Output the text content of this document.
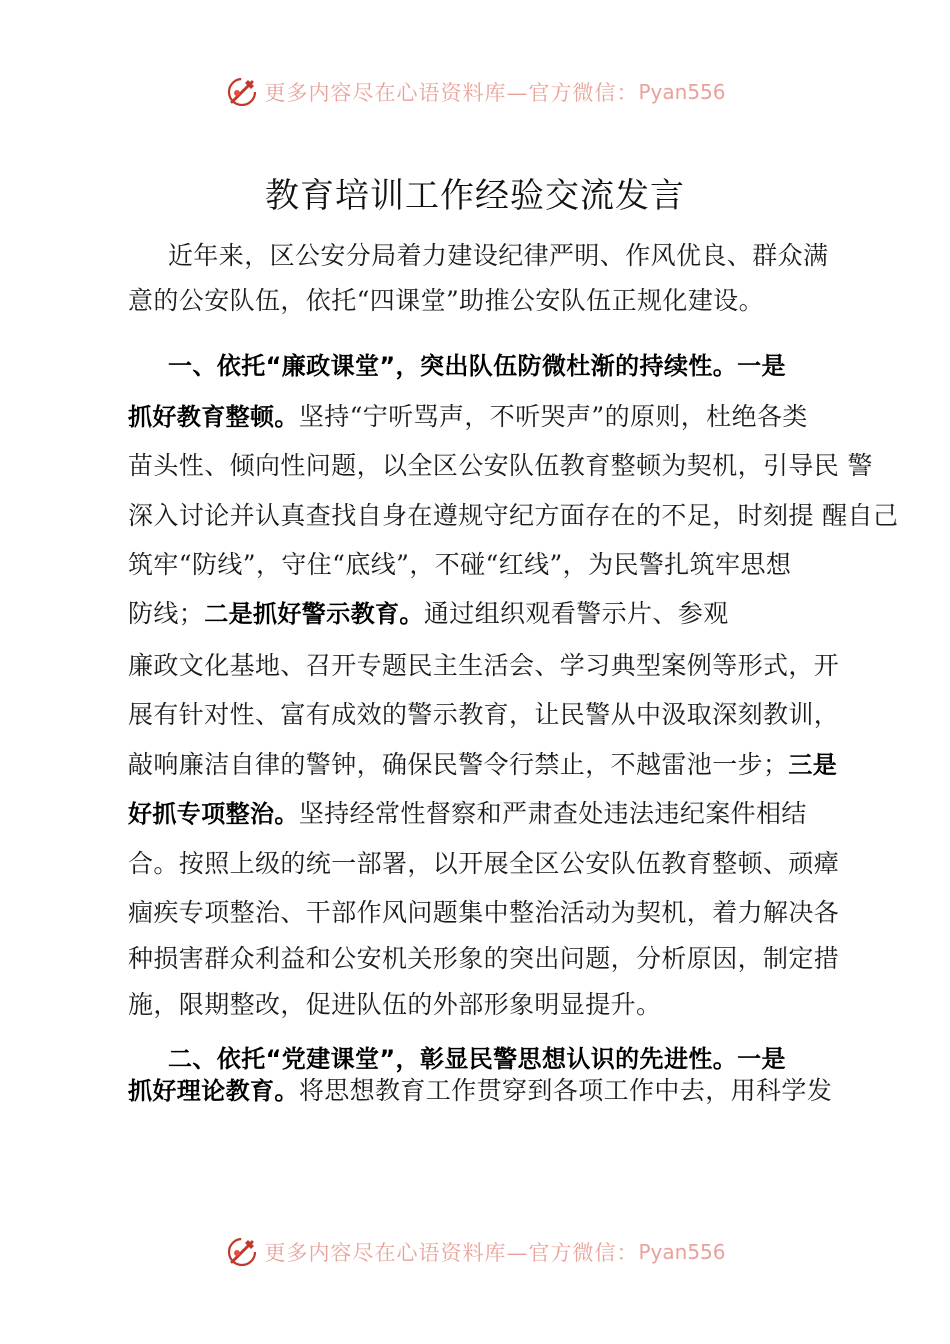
更多内容尽在心语资料库—官方微信： Pyan556
教育培训工作经验交流发言
近年来，区公安分局着力建设纪律严明、作风优良、群众满
意的公安队伍，依托“四课堂”助推公安队伍正规化建设。
一、依托“廉政课堂”，突出队伍防微杜渐的持续性。一是
抓好教育整顿。坚持“宁听骂声，不听哭声”的原则，杜绝各类
苗头性、倾向性问题，以全区公安队伍教育整顿为契机，引导民 警
深入讨论并认真查找自身在遵规守纪方面存在的不足，时刻提 醒自己
筑牢“防线”，守住“底线”，不碰“红线”，为民警扎筑牢思想
防线；二是抓好警示教育。通过组织观看警示片、参观
廉政文化基地、召开专题民主生活会、学习典型案例等形式，开
展有针对性、富有成效的警示教育，让民警从中汲取深刻教训，
敲响廉洁自律的警钟，确保民警令行禁止，不越雷池一步；三是
好抓专项整治。坚持经常性督察和严肃查处违法违纪案件相结
合。按照上级的统一部署，以开展全区公安队伍教育整顿、顽瘴
痼疾专项整治、干部作风问题集中整治活动为契机，着力解决各
种损害群众利益和公安机关形象的突出问题，分析原因，制定措
施，限期整改，促进队伍的外部形象明显提升。
二、依托“党建课堂”，彰显民警思想认识的先进性。一是
抓好理论教育。将思想教育工作贯穿到各项工作中去，用科学发
更多内容尽在心语资料库—官方微信： Pyan556
